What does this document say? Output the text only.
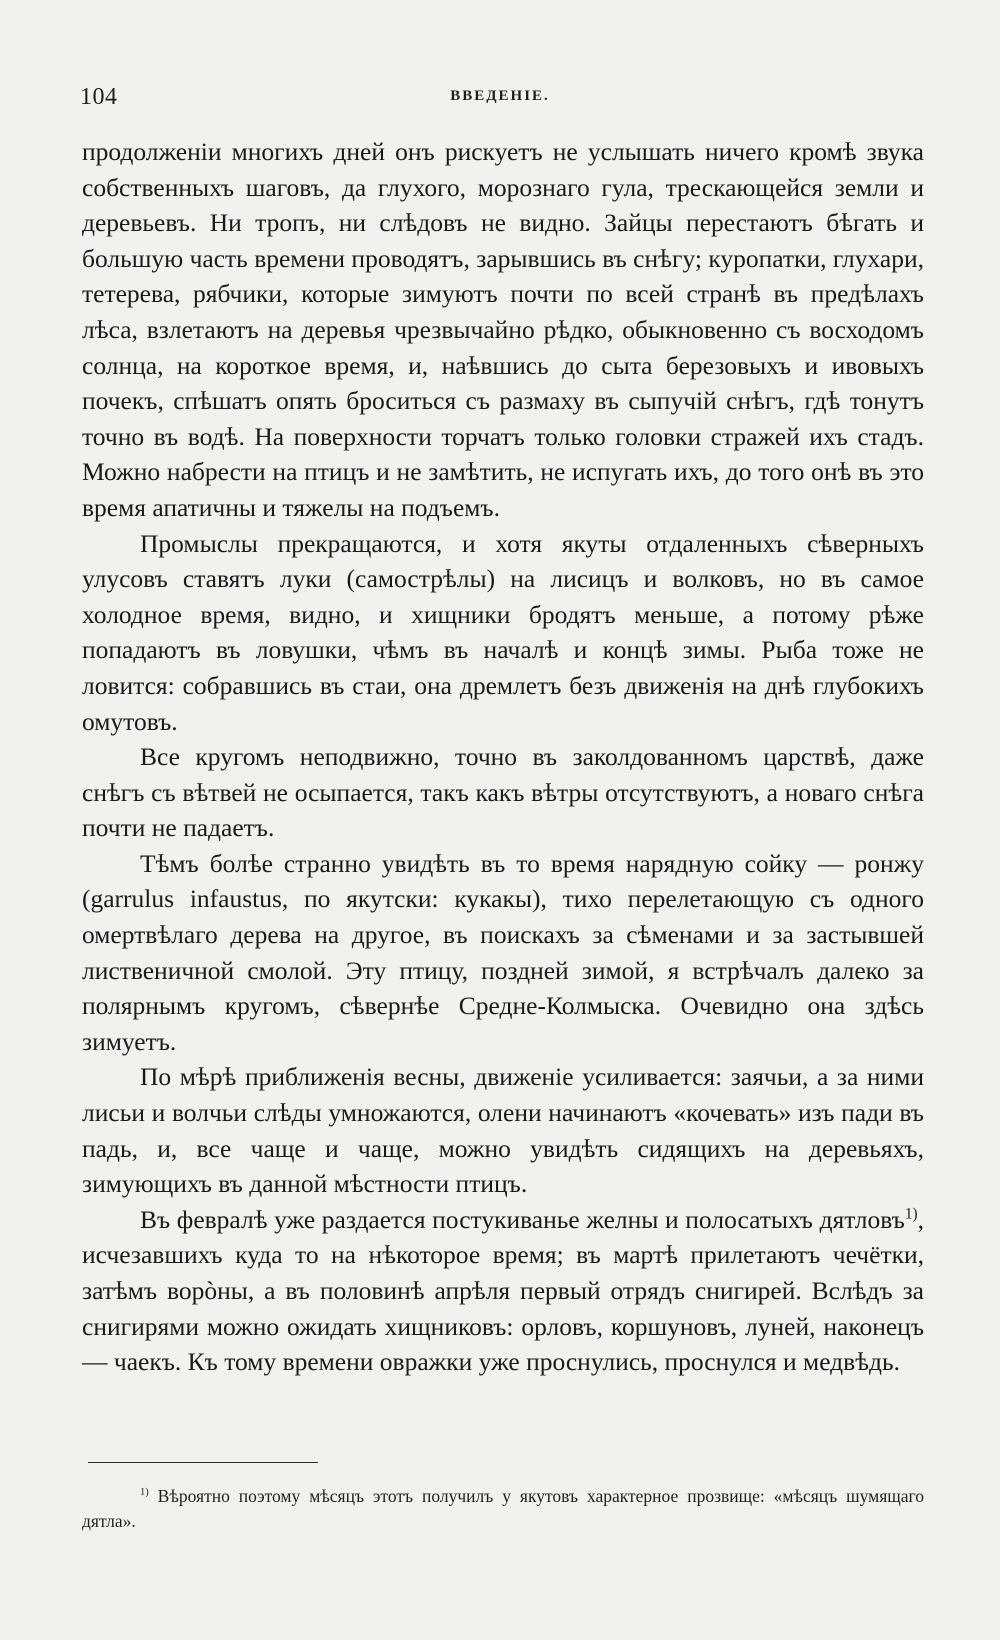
104	ВВЕДЕНІЕ.

продолженіи многихъ дней онъ рискуетъ не услышать ничего кромѣ звука собственныхъ шаговъ, да глухого, морознаго гула, трескающейся земли и деревьевъ. Ни тропъ, ни слѣдовъ не видно. Зайцы перестаютъ бѣгать и большую часть времени проводятъ, зарывшись въ снѣгу; куропатки, глухари, тетерева, рябчики, которые зимуютъ почти по всей странѣ въ предѣлахъ лѣса, взлетаютъ на деревья чрезвычайно рѣдко, обыкновенно съ восходомъ солнца, на короткое время, и, наѣвшись до сыта березовыхъ и ивовыхъ почекъ, спѣшатъ опять броситься съ размаху въ сыпучій снѣгъ, гдѣ тонутъ точно въ водѣ. На поверхности торчатъ только головки стражей ихъ стадъ. Можно набрести на птицъ и не замѣтить, не испугать ихъ, до того онѣ въ это время апатичны и тяжелы на подъемъ.

Промыслы прекращаются, и хотя якуты отдаленныхъ сѣверныхъ улусовъ ставятъ луки (самострѣлы) на лисицъ и волковъ, но въ самое холодное время, видно, и хищники бродятъ меньше, а потому рѣже попадаютъ въ ловушки, чѣмъ въ началѣ и концѣ зимы. Рыба тоже не ловится: собравшись въ стаи, она дремлетъ безъ движенія на днѣ глубокихъ омутовъ.

Все кругомъ неподвижно, точно въ заколдованномъ царствѣ, даже снѣгъ съ вѣтвей не осыпается, такъ какъ вѣтры отсутствуютъ, а новаго снѣга почти не падаетъ.

Тѣмъ болѣе странно увидѣть въ то время нарядную сойку — ронжу (garrulus infaustus, по якутски: кукакы), тихо перелетающую съ одного омертвѣлаго дерева на другое, въ поискахъ за сѣменами и за застывшей лиственичной смолой. Эту птицу, поздней зимой, я встрѣчалъ далеко за полярнымъ кругомъ, сѣвернѣе Средне-Колмыска. Очевидно она здѣсь зимуетъ.

По мѣрѣ приближенія весны, движеніе усиливается: заячьи, а за ними лисьи и волчьи слѣды умножаются, олени начинаютъ «кочевать» изъ пади въ падь, и, все чаще и чаще, можно увидѣть сидящихъ на деревьяхъ, зимующихъ въ данной мѣстности птицъ.

Въ февралѣ уже раздается постукиванье желны и полосатыхъ дятловъ$^{1)}$, исчезавшихъ куда то на нѣкоторое время; въ мартѣ прилетаютъ чечётки, затѣмъ ворòны, а въ половинѣ апрѣля первый отрядъ снигирей. Вслѣдъ за снигирями можно ожидать хищниковъ: орловъ, коршуновъ, луней, наконецъ — чаекъ. Къ тому времени овражки уже проснулись, проснулся и медвѣдь.

$^{1)}$ Вѣроятно поэтому мѣсяцъ этотъ получилъ у якутовъ характерное прозвище: «мѣсяцъ шумящаго дятла».
